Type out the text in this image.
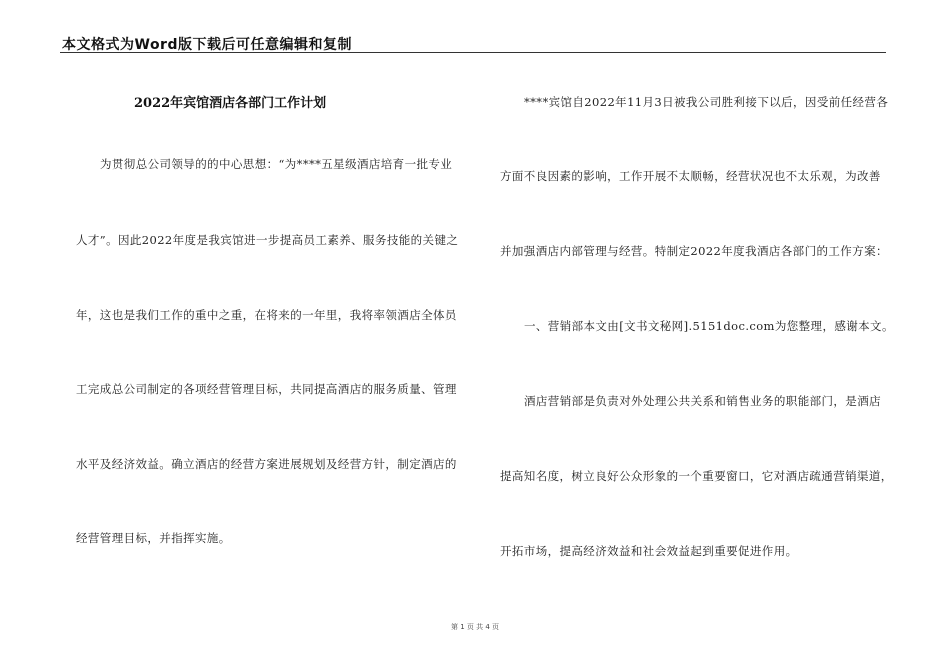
本文格式为Word版下载后可任意编辑和复制
2022年宾馆酒店各部门工作计划
为贯彻总公司领导的的中心思想：“为****五星级酒店培育一批专业
人才”。因此2022年度是我宾馆进一步提高员工素养、服务技能的关键之
年，这也是我们工作的重中之重，在将来的一年里，我将率领酒店全体员
工完成总公司制定的各项经营管理目标，共同提高酒店的服务质量、管理
水平及经济效益。确立酒店的经营方案进展规划及经营方针，制定酒店的
经营管理目标，并指挥实施。
****宾馆自2022年11月3日被我公司胜利接下以后，因受前任经营各
方面不良因素的影响，工作开展不太顺畅，经营状况也不太乐观，为改善
并加强酒店内部管理与经营。特制定2022年度我酒店各部门的工作方案：
一、营销部本文由[文书文秘网].5151doc.com为您整理，感谢本文。
酒店营销部是负责对外处理公共关系和销售业务的职能部门，是酒店
提高知名度，树立良好公众形象的一个重要窗口，它对酒店疏通营销渠道，
开拓市场，提高经济效益和社会效益起到重要促进作用。
第 1 页 共 4 页
